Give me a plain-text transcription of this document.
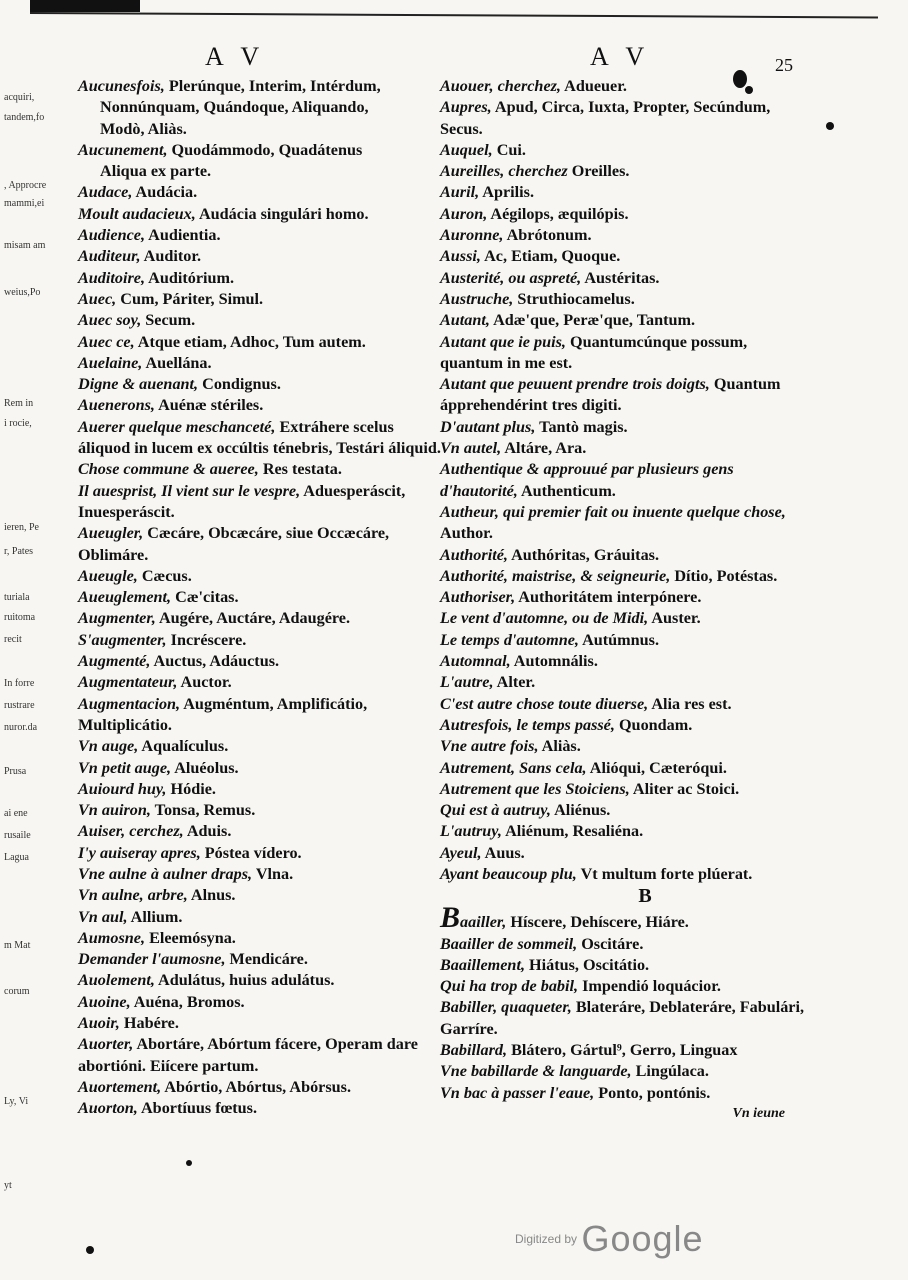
A V	A V	25
acquiri,
tandem,fo
, Approcre
mammi,ei
misam am
weius,Po
Rem in
i rocie,
ieren, Pe
r, Pates
turiala
ruitoma
recit
In forre
rustrare
nuror.da
Prusa
ai ene
rusaile
Lagua
m Mat
corum
Ly, Vi
yt

Aucunesfois, Plerúnque, Interim, Intérdum,

Nonnúnquam, Quándoque, Aliquando,

Modò, Aliàs.

Aucunement, Quodámmodo, Quadátenus

Aliqua ex parte.

Audace, Audácia.

Moult audacieux, Audácia singulári homo.

Audience, Audientia.

Auditeur, Auditor.

Auditoire, Auditórium.

Auec, Cum, Páriter, Simul.

Auec soy, Secum.

Auec ce, Atque etiam, Adhoc, Tum autem.

Auelaine, Auellána.

Digne & auenant, Condignus.

Auenerons, Auénæ stériles.

Auerer quelque meschanceté, Extráhere scelus áliquod in lucem ex occúltis ténebris, Testári áliquid.

Chose commune & aueree, Res testata.

Il auesprist, Il vient sur le vespre, Aduesperáscit, Inuesperáscit.

Aueugler, Cæcáre, Obcæcáre, siue Occæcáre, Oblimáre.

Aueugle, Cæcus.

Aueuglement, Cæ'citas.

Augmenter, Augére, Auctáre, Adaugére.

S'augmenter, Incréscere.

Augmenté, Auctus, Adáuctus.

Augmentateur, Auctor.

Augmentacion, Augméntum, Amplificátio, Multiplicátio.

Vn auge, Aqualículus.

Vn petit auge, Aluéolus.

Auiourd huy, Hódie.

Vn auiron, Tonsa, Remus.

Auiser, cerchez, Aduis.

I'y auiseray apres, Póstea vídero.

Vne aulne à aulner draps, Vlna.

Vn aulne, arbre, Alnus.

Vn aul, Allium.

Aumosne, Eleemósyna.

Demander l'aumosne, Mendicáre.

Auolement, Adulátus, huius adulátus.

Auoine, Auéna, Bromos.

Auoir, Habére.

Auorter, Abortáre, Abórtum fácere, Operam dare abortióni. Eiícere partum.

Auortement, Abórtio, Abórtus, Abórsus.

Auorton, Abortíuus fœtus.

Auouer, cherchez, Adueuer.

Aupres, Apud, Circa, Iuxta, Propter, Secúndum, Secus.

Auquel, Cui.

Aureilles, cherchez Oreilles.

Auril, Aprilis.

Auron, Aégilops, æquilópis.

Auronne, Abrótonum.

Aussi, Ac, Etiam, Quoque.

Austerité, ou aspreté, Austéritas.

Austruche, Struthiocamelus.

Autant, Adæ'que, Peræ'que, Tantum.

Autant que ie puis, Quantumcúnque possum, quantum in me est.

Autant que peuuent prendre trois doigts, Quantum ápprehendérint tres digiti.

D'autant plus, Tantò magis.

Vn autel, Altáre, Ara.

Authentique & approuué par plusieurs gens d'hautorité, Authenticum.

Autheur, qui premier fait ou inuente quelque chose, Author.

Authorité, Authóritas, Gráuitas.

Authorité, maistrise, & seigneurie, Dítio, Potéstas.

Authoriser, Authoritátem interpónere.

Le vent d'automne, ou de Midi, Auster.

Le temps d'automne, Autúmnus.

Automnal, Automnális.

L'autre, Alter.

C'est autre chose toute diuerse, Alia res est.

Autresfois, le temps passé, Quondam.

Vne autre fois, Aliàs.

Autrement, Sans cela, Alióqui, Cæteróqui.

Autrement que les Stoiciens, Aliter ac Stoici.

Qui est à autruy, Aliénus.

L'autruy, Aliénum, Resaliéna.

Ayeul, Auus.

Ayant beaucoup plu, Vt multum forte plúerat.

B

Baailler, Híscere, Dehíscere, Hiáre.

Baailler de sommeil, Oscitáre.

Baaillement, Hiátus, Oscitátio.

Qui ha trop de babil, Impendió loquácior.

Babiller, quaqueter, Blateráre, Deblateráre, Fabulári, Garríre.

Babillard, Blátero, Gártul⁹, Gerro, Linguax

Vne babillarde & languarde, Lingúlaca.

Vn bac à passer l'eaue, Ponto, pontónis.

Vn ieune
Digitized by Google
